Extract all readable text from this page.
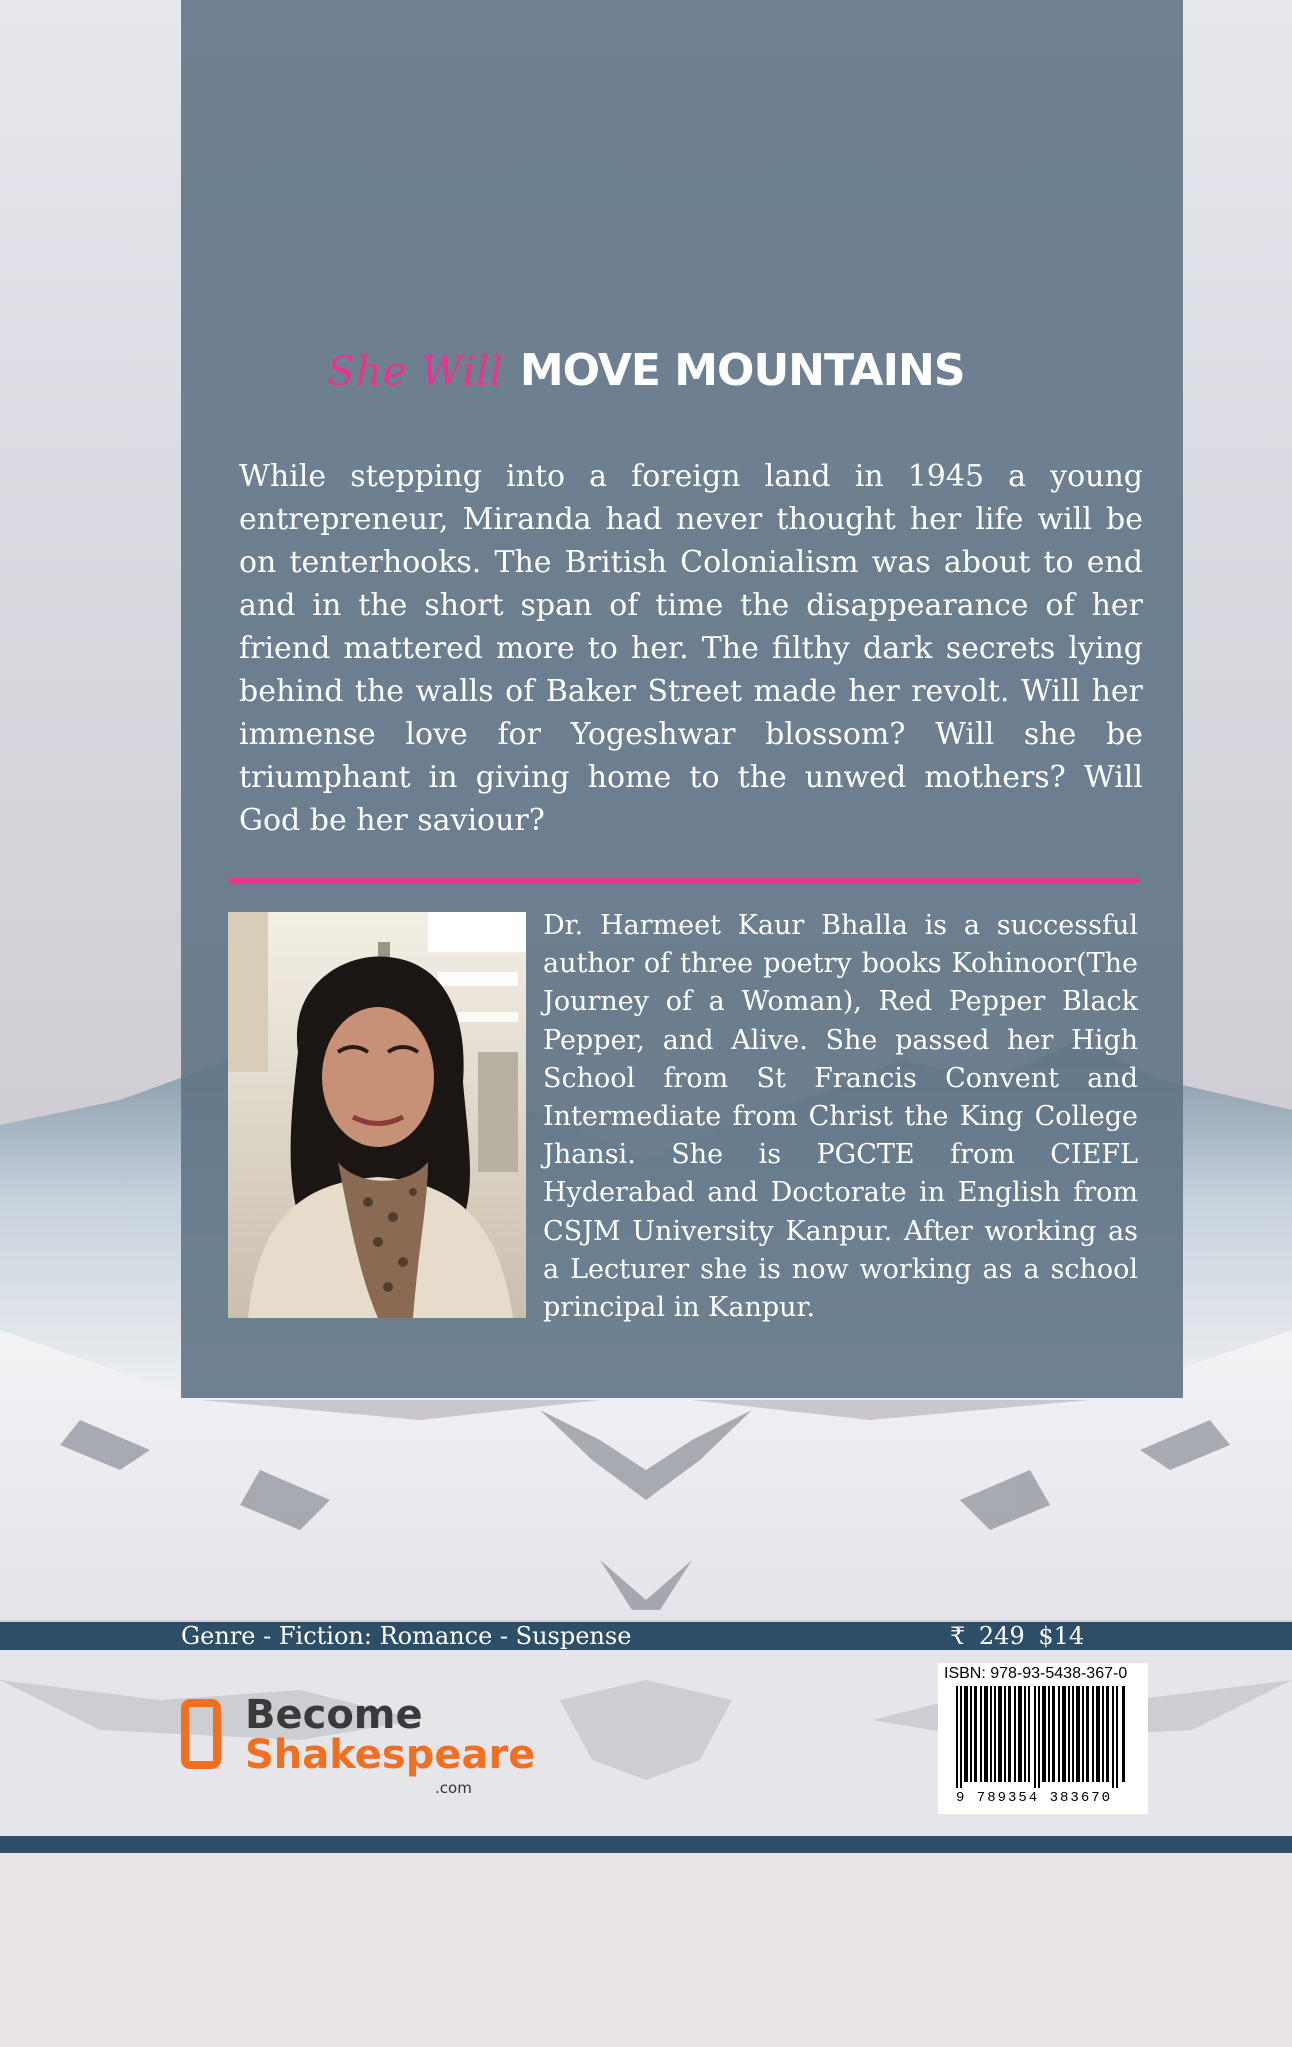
She Will MOVE MOUNTAINS
While stepping into a foreign land in 1945 a young entrepreneur, Miranda had never thought her life will be on tenterhooks. The British Colonialism was about to end and in the short span of time the disappearance of her friend mattered more to her. The filthy dark secrets lying behind the walls of Baker Street made her revolt. Will her immense love for Yogeshwar blossom? Will she be triumphant in giving home to the unwed mothers? Will God be her saviour?
Dr. Harmeet Kaur Bhalla is a successful author of three poetry books Kohinoor(The Journey of a Woman), Red Pepper Black Pepper, and Alive. She passed her High School from St Francis Convent and Intermediate from Christ the King College Jhansi. She is PGCTE from CIEFL Hyderabad and Doctorate in English from CSJM University Kanpur. After working as a Lecturer she is now working as a school principal in Kanpur.
Genre - Fiction: Romance - Suspense	₹ 249 $14
Become
Shakespeare
.com
ISBN: 978-93-5438-367-0
9 789354 383670
